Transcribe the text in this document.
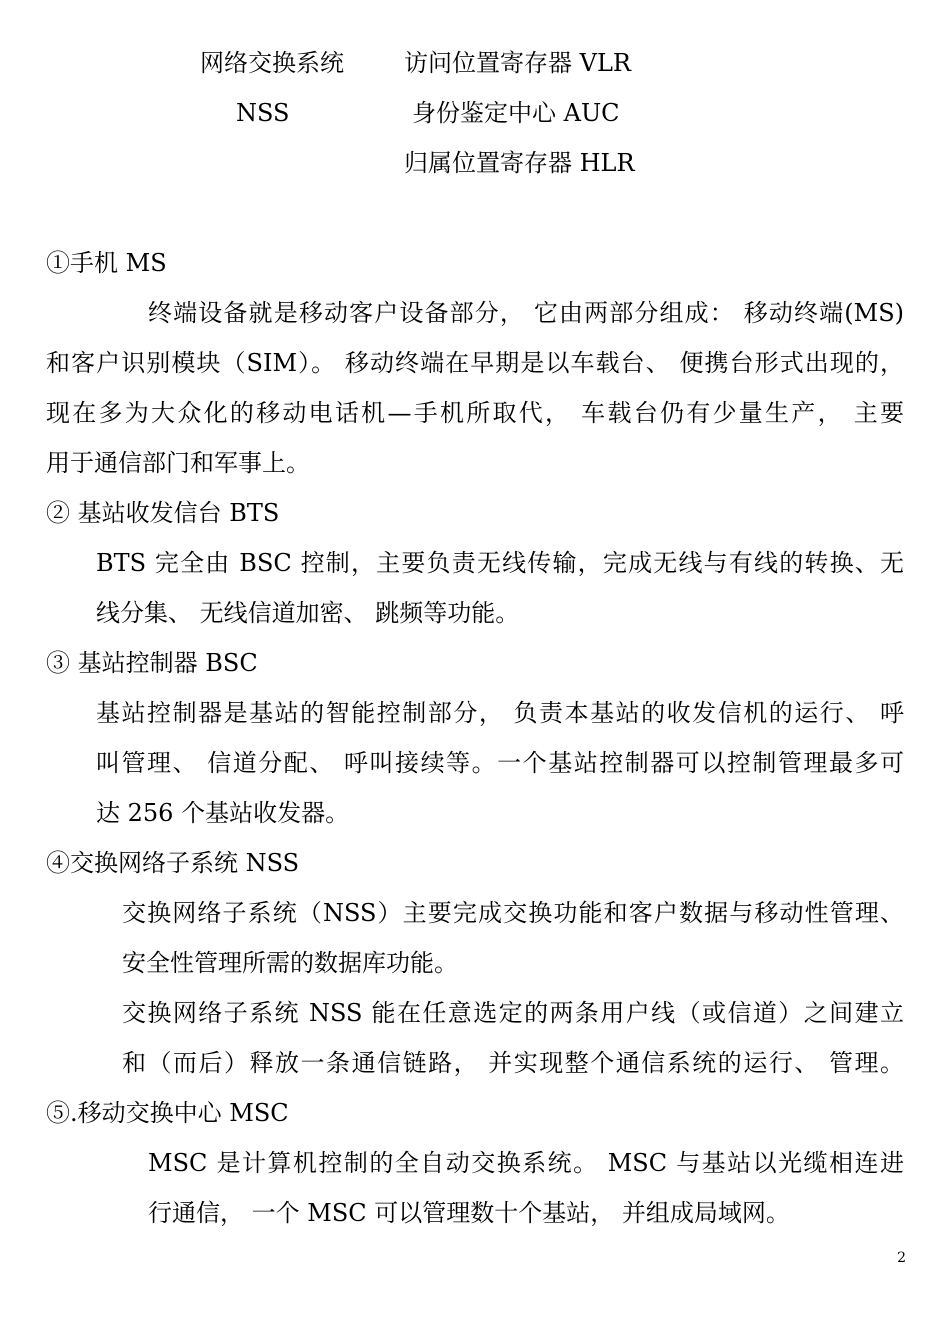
网络交换系统	访问位置寄存器 VLR
NSS	身份鉴定中心 AUC
归属位置寄存器 HLR
①手机 MS
终端设备就是移动客户设备部分， 它由两部分组成： 移动终端(MS)
和客户识别模块（SIM）。 移动终端在早期是以车载台、 便携台形式出现的，
现在多为大众化的移动电话机—手机所取代， 车载台仍有少量生产， 主要
用于通信部门和军事上。
② 基站收发信台 BTS
BTS 完全由 BSC 控制，主要负责无线传输，完成无线与有线的转换、无
线分集、 无线信道加密、 跳频等功能。
③ 基站控制器 BSC
基站控制器是基站的智能控制部分， 负责本基站的收发信机的运行、 呼
叫管理、 信道分配、 呼叫接续等。一个基站控制器可以控制管理最多可
达 256 个基站收发器。
④交换网络子系统 NSS
交换网络子系统（NSS）主要完成交换功能和客户数据与移动性管理、
安全性管理所需的数据库功能。
交换网络子系统 NSS 能在任意选定的两条用户线（或信道）之间建立
和（而后）释放一条通信链路， 并实现整个通信系统的运行、 管理。
⑤.移动交换中心 MSC
MSC 是计算机控制的全自动交换系统。 MSC 与基站以光缆相连进
行通信， 一个 MSC 可以管理数十个基站， 并组成局域网。
2
